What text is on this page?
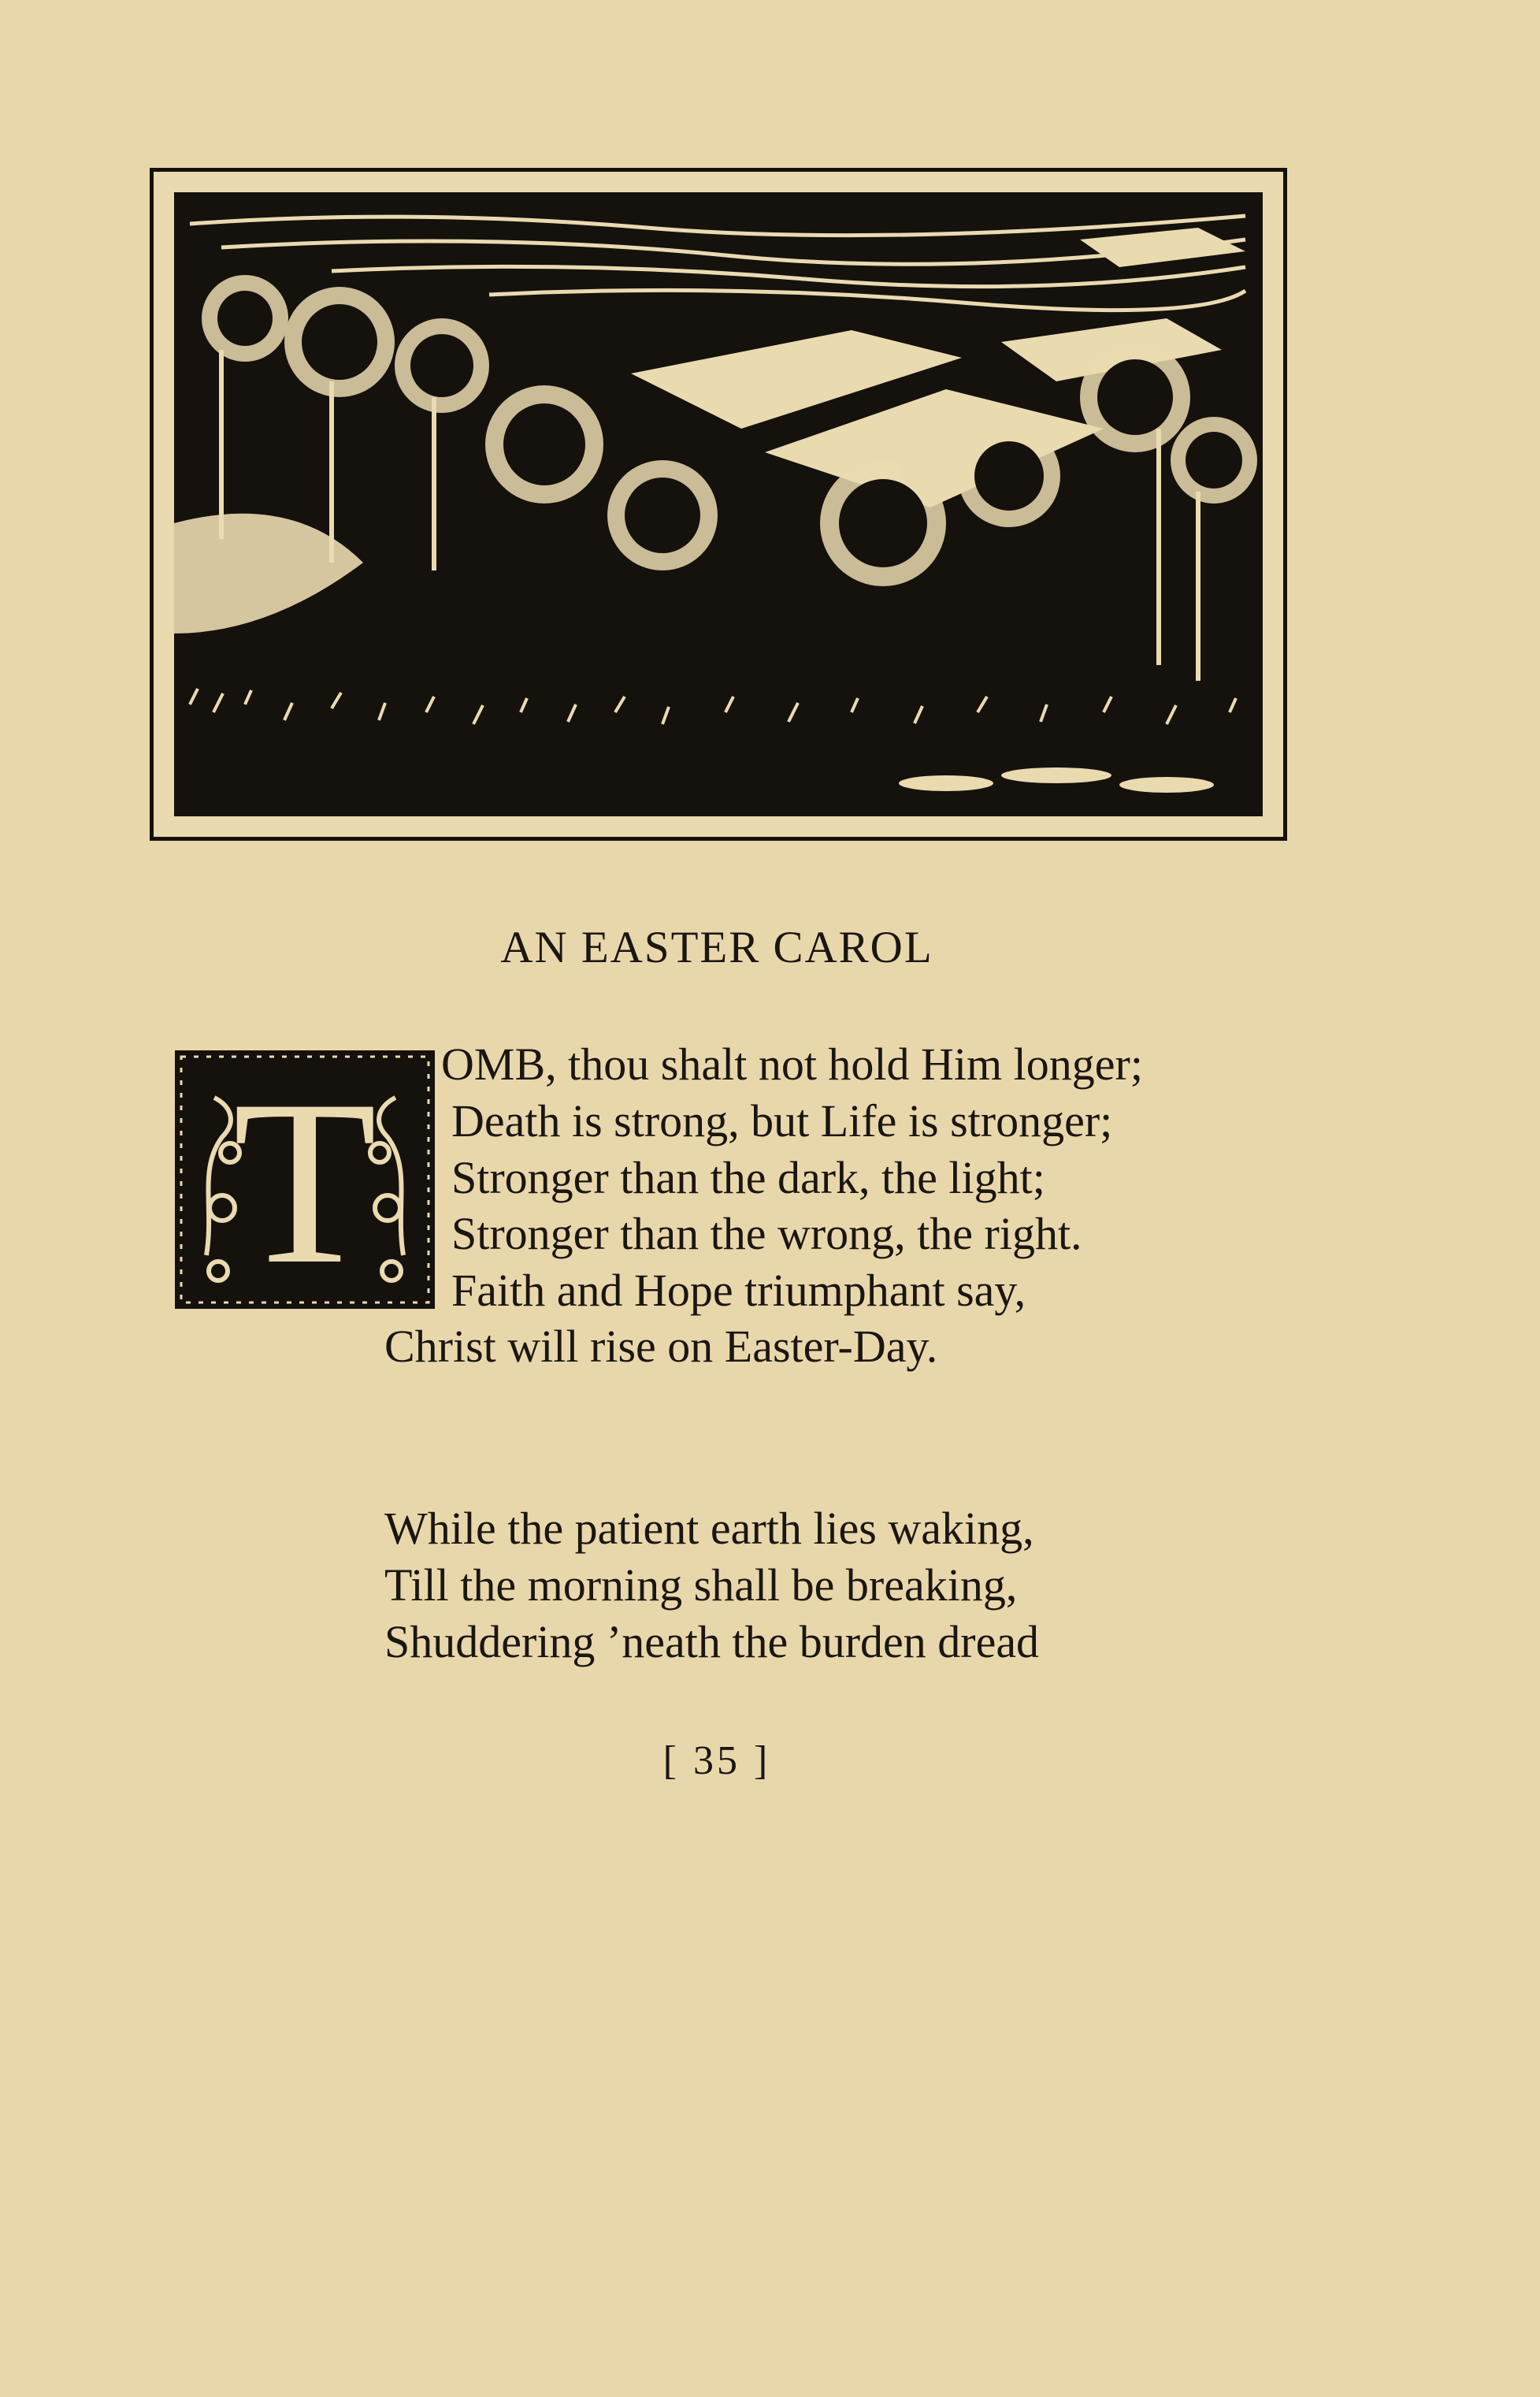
AN EASTER CAROL
T OMB, thou shalt not hold Him longer;
Death is strong, but Life is stronger;
Stronger than the dark, the light;
Stronger than the wrong, the right.
Faith and Hope triumphant say,
Christ will rise on Easter-Day.
While the patient earth lies waking,
Till the morning shall be breaking,
Shuddering ’neath the burden dread
[ 35 ]
